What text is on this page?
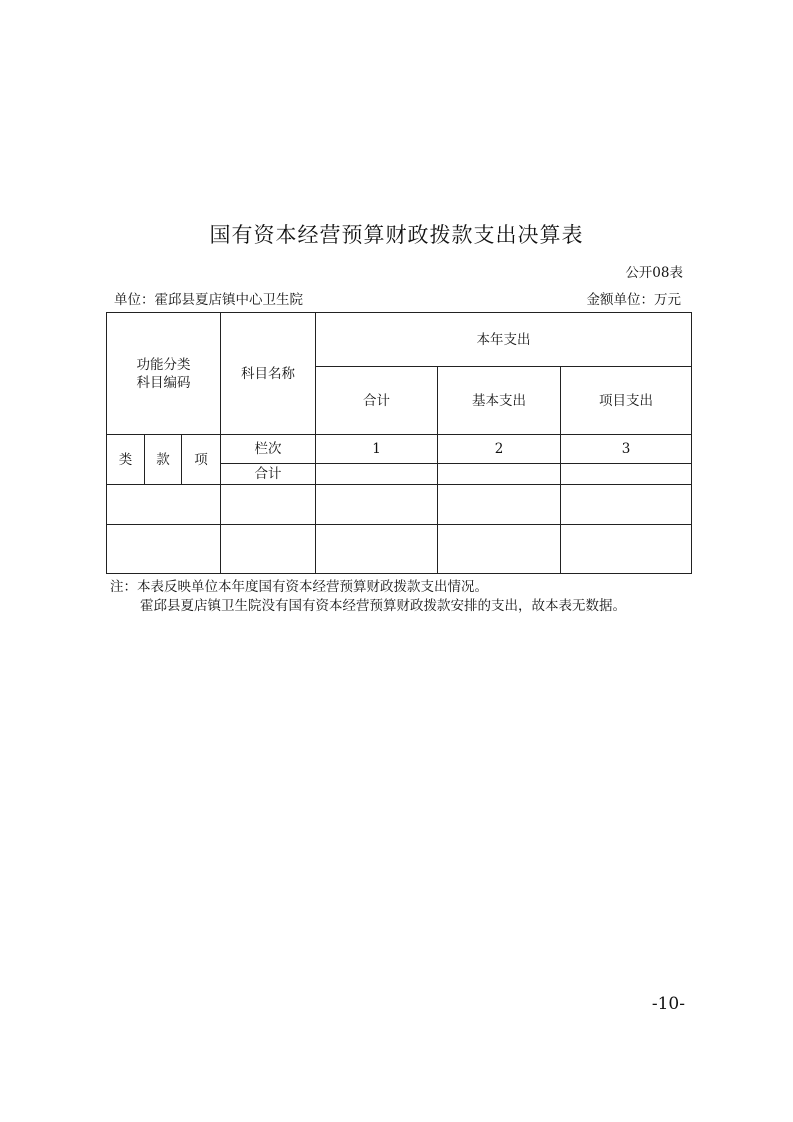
国有资本经营预算财政拨款支出决算表
公开08表
单位：霍邱县夏店镇中心卫生院	金额单位：万元
功能分类
科目编码			科目名称	本年支出		
				合计	基本支出	项目支出
类	款	项	栏次	1	2	3
			合计			

注：本表反映单位本年度国有资本经营预算财政拨款支出情况。
霍邱县夏店镇卫生院没有国有资本经营预算财政拨款安排的支出，故本表无数据。
-10-
